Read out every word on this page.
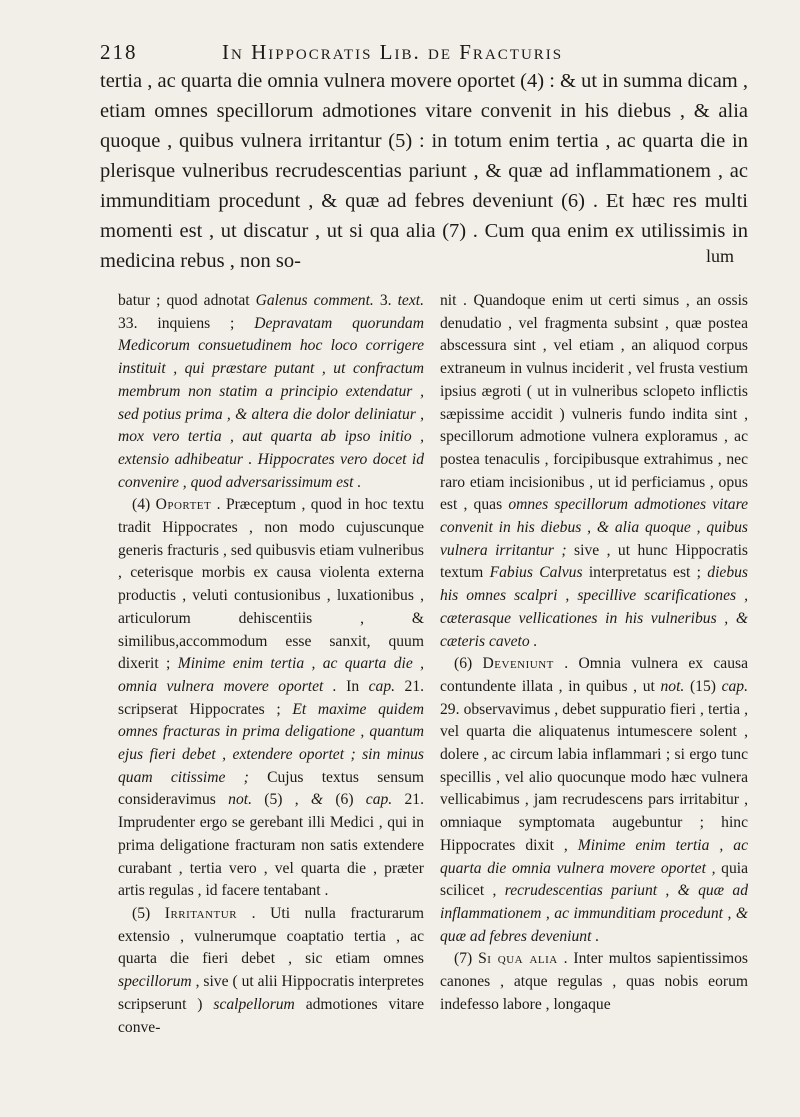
218	In Hippocratis Lib. de Fracturis

tertia , ac quarta die omnia vulnera movere oportet (4) : & ut in summa dicam , etiam omnes specillorum admotiones vitare convenit in his diebus , & alia quoque , quibus vulnera irritantur (5) : in totum enim tertia , ac quarta die in plerisque vulneribus recrudescentias pariunt , & quæ ad inflammationem , ac immunditiam procedunt , & quæ ad febres deveniunt (6) . Et hæc res multi momenti est , ut discatur , ut si qua alia (7) . Cum qua enim ex utilissimis in medicina rebus , non so-	lum

batur ; quod adnotat Galenus comment. 3. text. 33. inquiens ; Depravatam quorundam Medicorum consuetudinem hoc loco corrigere instituit , qui præstare putant , ut confractum membrum non statim a principio extendatur , sed potius prima , & altera die dolor deliniatur , mox vero tertia , aut quarta ab ipso initio , extensio adhibeatur . Hippocrates vero docet id convenire , quod adversarissimum est .

(4) Oportet . Præceptum , quod in hoc textu tradit Hippocrates , non modo cujuscunque generis fracturis , sed quibusvis etiam vulneribus , ceterisque morbis ex causa violenta externa productis , veluti contusionibus , luxationibus , articulorum dehiscentiis , & similibus,accommodum esse sanxit, quum dixerit ; Minime enim tertia , ac quarta die , omnia vulnera movere oportet . In cap. 21. scripserat Hippocrates ; Et maxime quidem omnes fracturas in prima deligatione , quantum ejus fieri debet , extendere oportet ; sin minus quam citissime ; Cujus textus sensum consideravimus not. (5) , & (6) cap. 21. Imprudenter ergo se gerebant illi Medici , qui in prima deligatione fracturam non satis extendere curabant , tertia vero , vel quarta die , præter artis regulas , id facere tentabant .

(5) Irritantur . Uti nulla fracturarum extensio , vulnerumque coaptatio tertia , ac quarta die fieri debet , sic etiam omnes specillorum , sive ( ut alii Hippocratis interpretes scripserunt ) scalpellorum admotiones vitare conve-

nit . Quandoque enim ut certi simus , an ossis denudatio , vel fragmenta subsint , quæ postea abscessura sint , vel etiam , an aliquod corpus extraneum in vulnus inciderit , vel frusta vestium ipsius ægroti ( ut in vulneribus sclopeto inflictis sæpissime accidit ) vulneris fundo indita sint , specillorum admotione vulnera exploramus , ac postea tenaculis , forcipibusque extrahimus , nec raro etiam incisionibus , ut id perficiamus , opus est , quas omnes specillorum admotiones vitare convenit in his diebus , & alia quoque , quibus vulnera irritantur ; sive , ut hunc Hippocratis textum Fabius Calvus interpretatus est ; diebus his omnes scalpri , specillive scarificationes , cæterasque vellicationes in his vulneribus , & cæteris caveto .

(6) Deveniunt . Omnia vulnera ex causa contundente illata , in quibus , ut not. (15) cap. 29. observavimus , debet suppuratio fieri , tertia , vel quarta die aliquatenus intumescere solent , dolere , ac circum labia inflammari ; si ergo tunc specillis , vel alio quocunque modo hæc vulnera vellicabimus , jam recrudescens pars irritabitur , omniaque symptomata augebuntur ; hinc Hippocrates dixit , Minime enim tertia , ac quarta die omnia vulnera movere oportet , quia scilicet , recrudescentias pariunt , & quæ ad inflammationem , ac immunditiam procedunt , & quæ ad febres deveniunt .

(7) Si qua alia . Inter multos sapientissimos canones , atque regulas , quas nobis eorum indefesso labore , longaque
